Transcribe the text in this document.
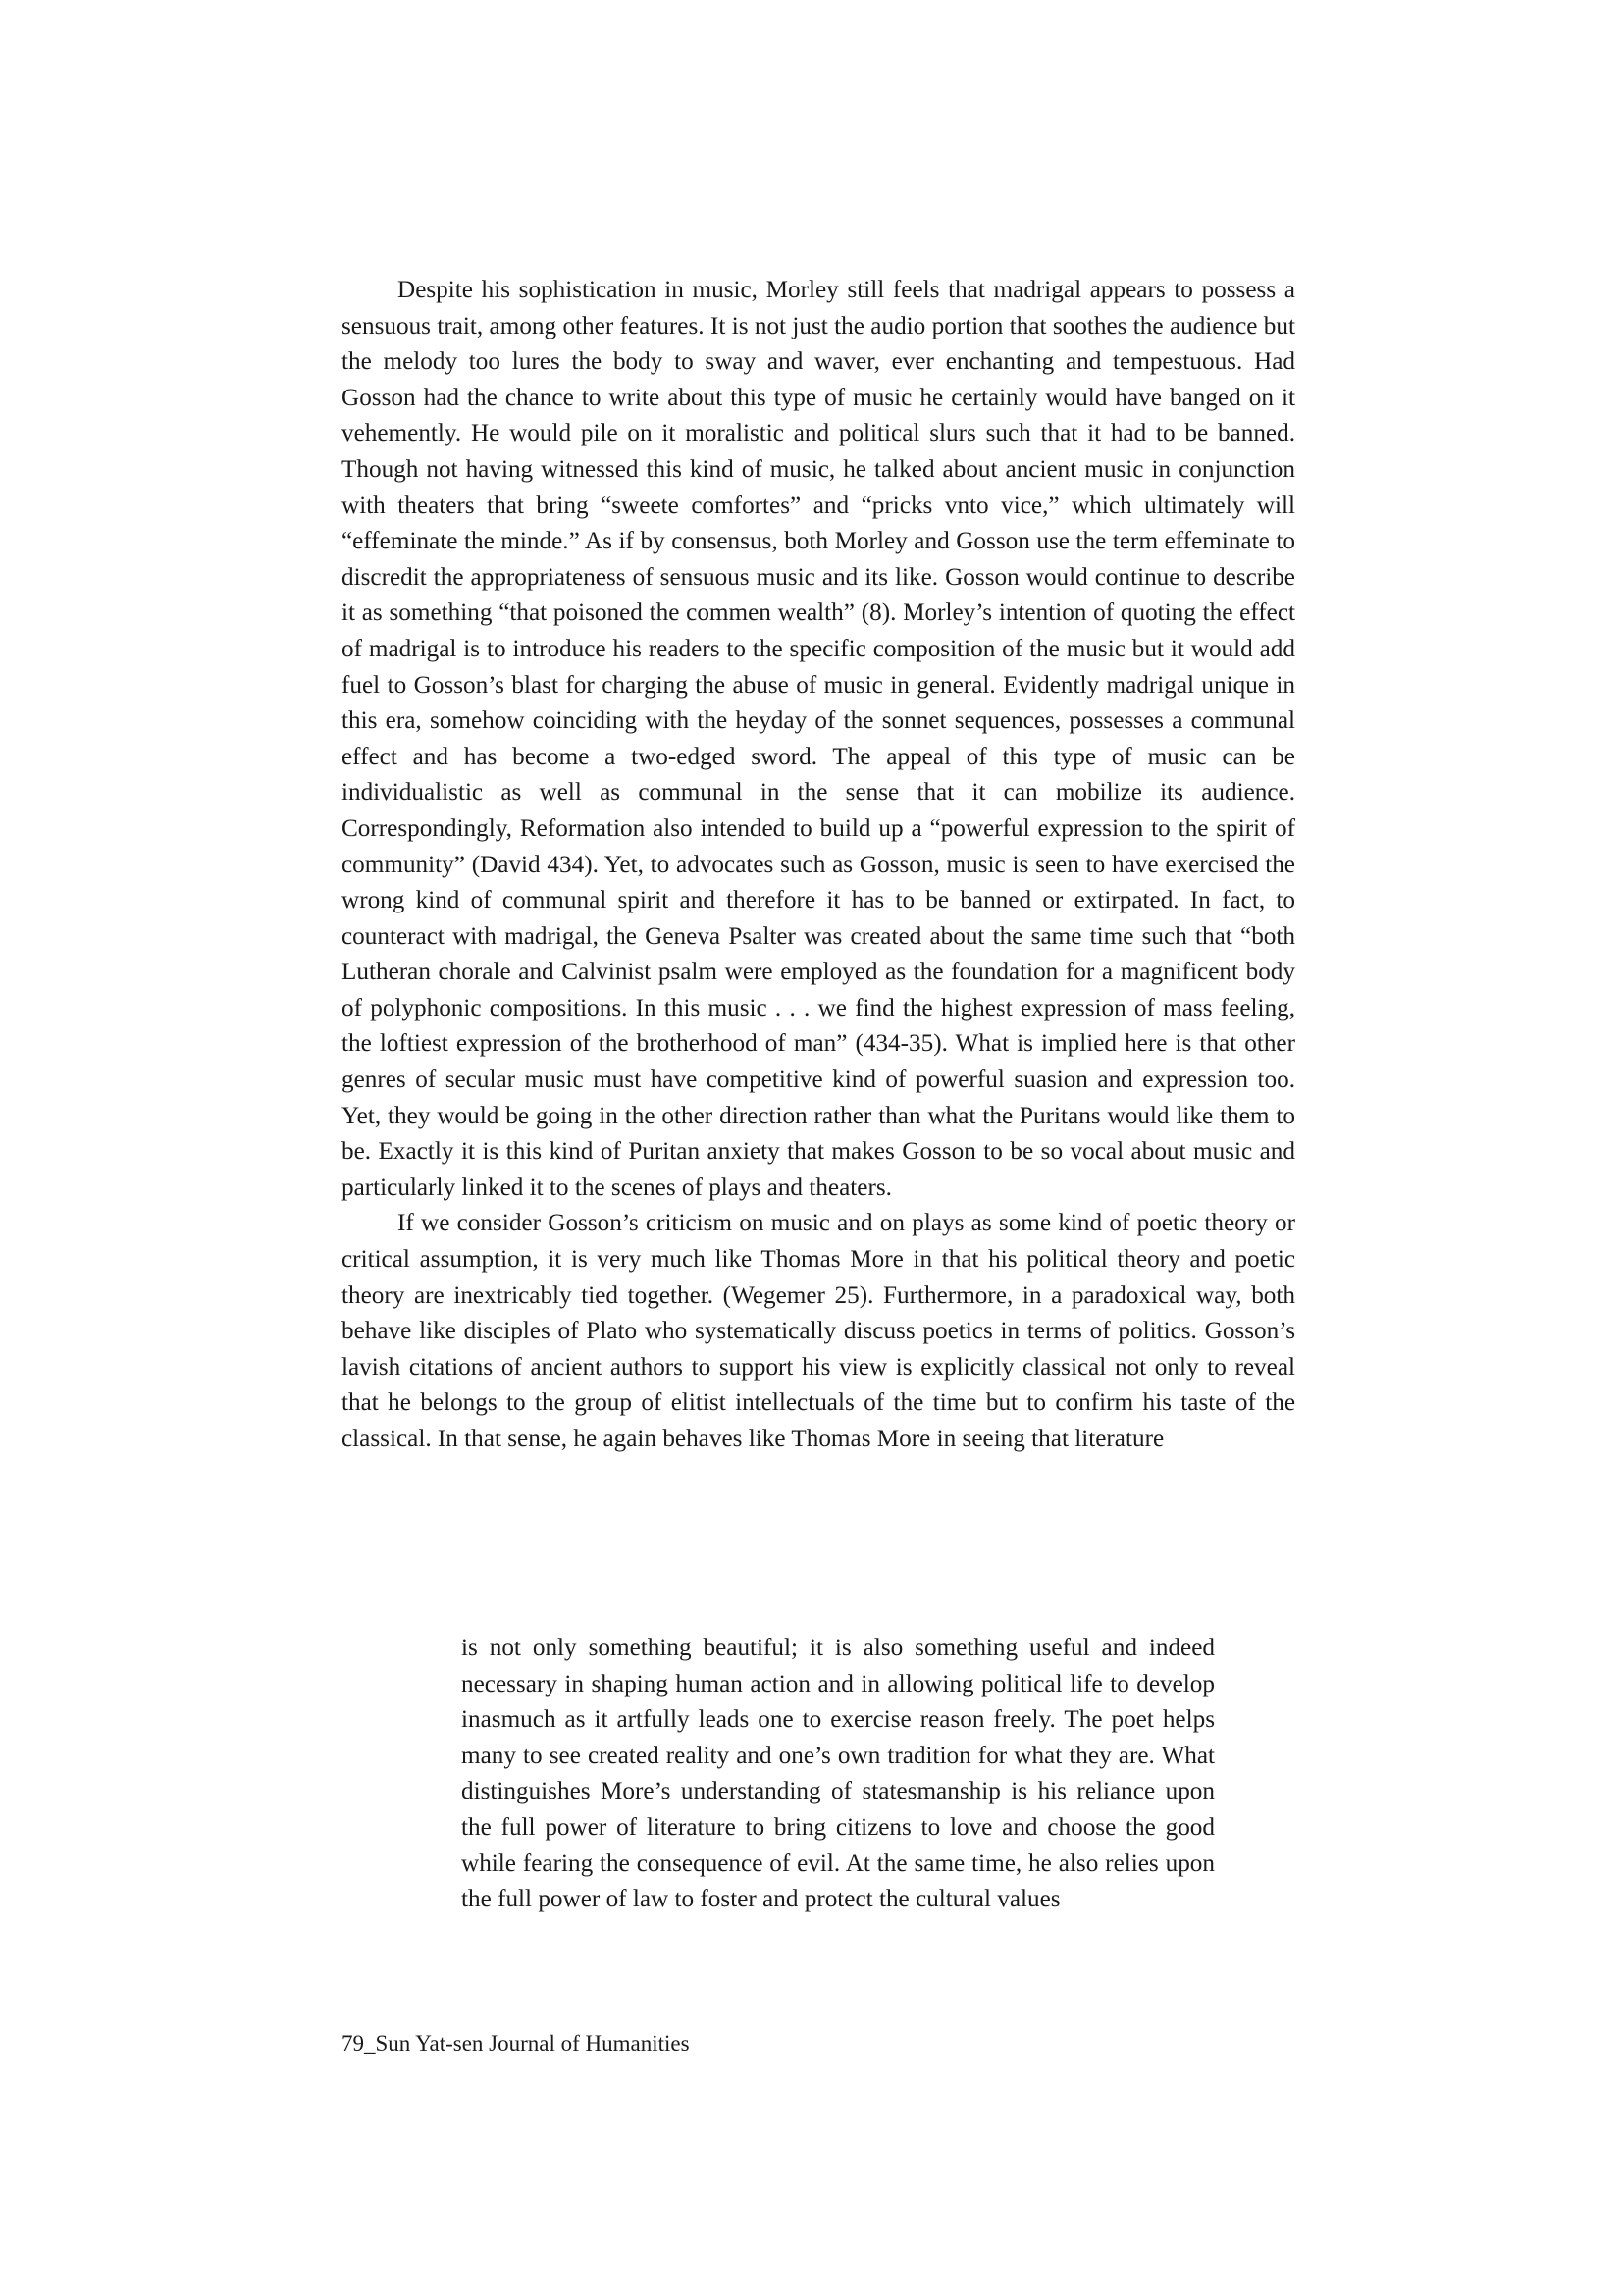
Despite his sophistication in music, Morley still feels that madrigal appears to possess a sensuous trait, among other features. It is not just the audio portion that soothes the audience but the melody too lures the body to sway and waver, ever enchanting and tempestuous. Had Gosson had the chance to write about this type of music he certainly would have banged on it vehemently. He would pile on it moralistic and political slurs such that it had to be banned. Though not having witnessed this kind of music, he talked about ancient music in conjunction with theaters that bring “sweete comfortes” and “pricks vnto vice,” which ultimately will “effeminate the minde.” As if by consensus, both Morley and Gosson use the term effeminate to discredit the appropriateness of sensuous music and its like. Gosson would continue to describe it as something “that poisoned the commen wealth” (8). Morley’s intention of quoting the effect of madrigal is to introduce his readers to the specific composition of the music but it would add fuel to Gosson’s blast for charging the abuse of music in general. Evidently madrigal unique in this era, somehow coinciding with the heyday of the sonnet sequences, possesses a communal effect and has become a two-edged sword. The appeal of this type of music can be individualistic as well as communal in the sense that it can mobilize its audience. Correspondingly, Reformation also intended to build up a “powerful expression to the spirit of community” (David 434). Yet, to advocates such as Gosson, music is seen to have exercised the wrong kind of communal spirit and therefore it has to be banned or extirpated. In fact, to counteract with madrigal, the Geneva Psalter was created about the same time such that “both Lutheran chorale and Calvinist psalm were employed as the foundation for a magnificent body of polyphonic compositions. In this music . . . we find the highest expression of mass feeling, the loftiest expression of the brotherhood of man” (434-35). What is implied here is that other genres of secular music must have competitive kind of powerful suasion and expression too. Yet, they would be going in the other direction rather than what the Puritans would like them to be. Exactly it is this kind of Puritan anxiety that makes Gosson to be so vocal about music and particularly linked it to the scenes of plays and theaters.

If we consider Gosson’s criticism on music and on plays as some kind of poetic theory or critical assumption, it is very much like Thomas More in that his political theory and poetic theory are inextricably tied together. (Wegemer 25). Furthermore, in a paradoxical way, both behave like disciples of Plato who systematically discuss poetics in terms of politics. Gosson’s lavish citations of ancient authors to support his view is explicitly classical not only to reveal that he belongs to the group of elitist intellectuals of the time but to confirm his taste of the classical. In that sense, he again behaves like Thomas More in seeing that literature

is not only something beautiful; it is also something useful and indeed necessary in shaping human action and in allowing political life to develop inasmuch as it artfully leads one to exercise reason freely. The poet helps many to see created reality and one’s own tradition for what they are. What distinguishes More’s understanding of statesmanship is his reliance upon the full power of literature to bring citizens to love and choose the good while fearing the consequence of evil. At the same time, he also relies upon the full power of law to foster and protect the cultural values

79_Sun Yat-sen Journal of Humanities
